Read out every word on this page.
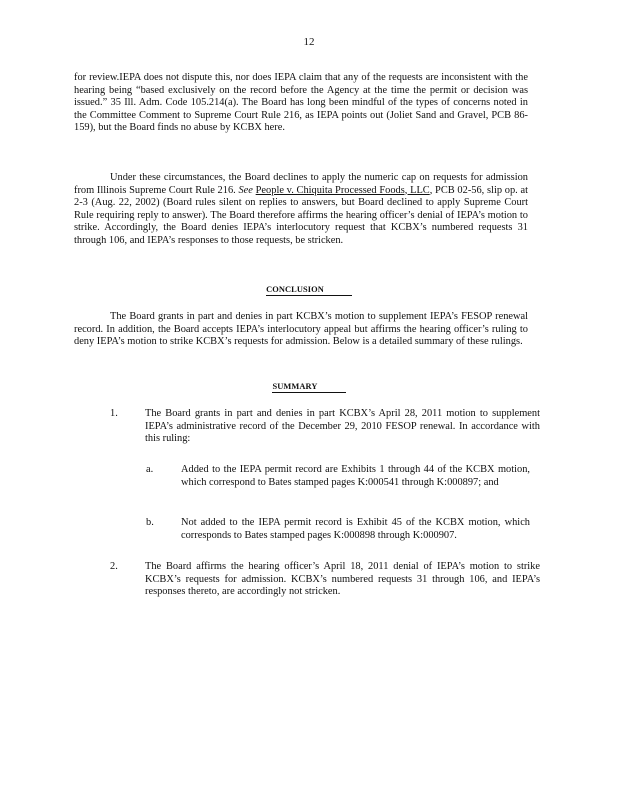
12

for review.IEPA does not dispute this, nor does IEPA claim that any of the requests are inconsistent with the hearing being “based exclusively on the record before the Agency at the time the permit or decision was issued.” 35 Ill. Adm. Code 105.214(a). The Board has long been mindful of the types of concerns noted in the Committee Comment to Supreme Court Rule 216, as IEPA points out (Joliet Sand and Gravel, PCB 86-159), but the Board finds no abuse by KCBX here.

Under these circumstances, the Board declines to apply the numeric cap on requests for admission from Illinois Supreme Court Rule 216. See People v. Chiquita Processed Foods, LLC, PCB 02-56, slip op. at 2-3 (Aug. 22, 2002) (Board rules silent on replies to answers, but Board declined to apply Supreme Court Rule requiring reply to answer). The Board therefore affirms the hearing officer’s denial of IEPA’s motion to strike. Accordingly, the Board denies IEPA’s interlocutory request that KCBX’s numbered requests 31 through 106, and IEPA’s responses to those requests, be stricken.

CONCLUSION

The Board grants in part and denies in part KCBX’s motion to supplement IEPA’s FESOP renewal record. In addition, the Board accepts IEPA’s interlocutory appeal but affirms the hearing officer’s ruling to deny IEPA’s motion to strike KCBX’s requests for admission. Below is a detailed summary of these rulings.

SUMMARY
1.	The Board grants in part and denies in part KCBX’s April 28, 2011 motion to supplement IEPA’s administrative record of the December 29, 2010 FESOP renewal. In accordance with this ruling:
a.	Added to the IEPA permit record are Exhibits 1 through 44 of the KCBX motion, which correspond to Bates stamped pages K:000541 through K:000897; and
b.	Not added to the IEPA permit record is Exhibit 45 of the KCBX motion, which corresponds to Bates stamped pages K:000898 through K:000907.
2.	The Board affirms the hearing officer’s April 18, 2011 denial of IEPA’s motion to strike KCBX’s requests for admission. KCBX’s numbered requests 31 through 106, and IEPA’s responses thereto, are accordingly not stricken.
